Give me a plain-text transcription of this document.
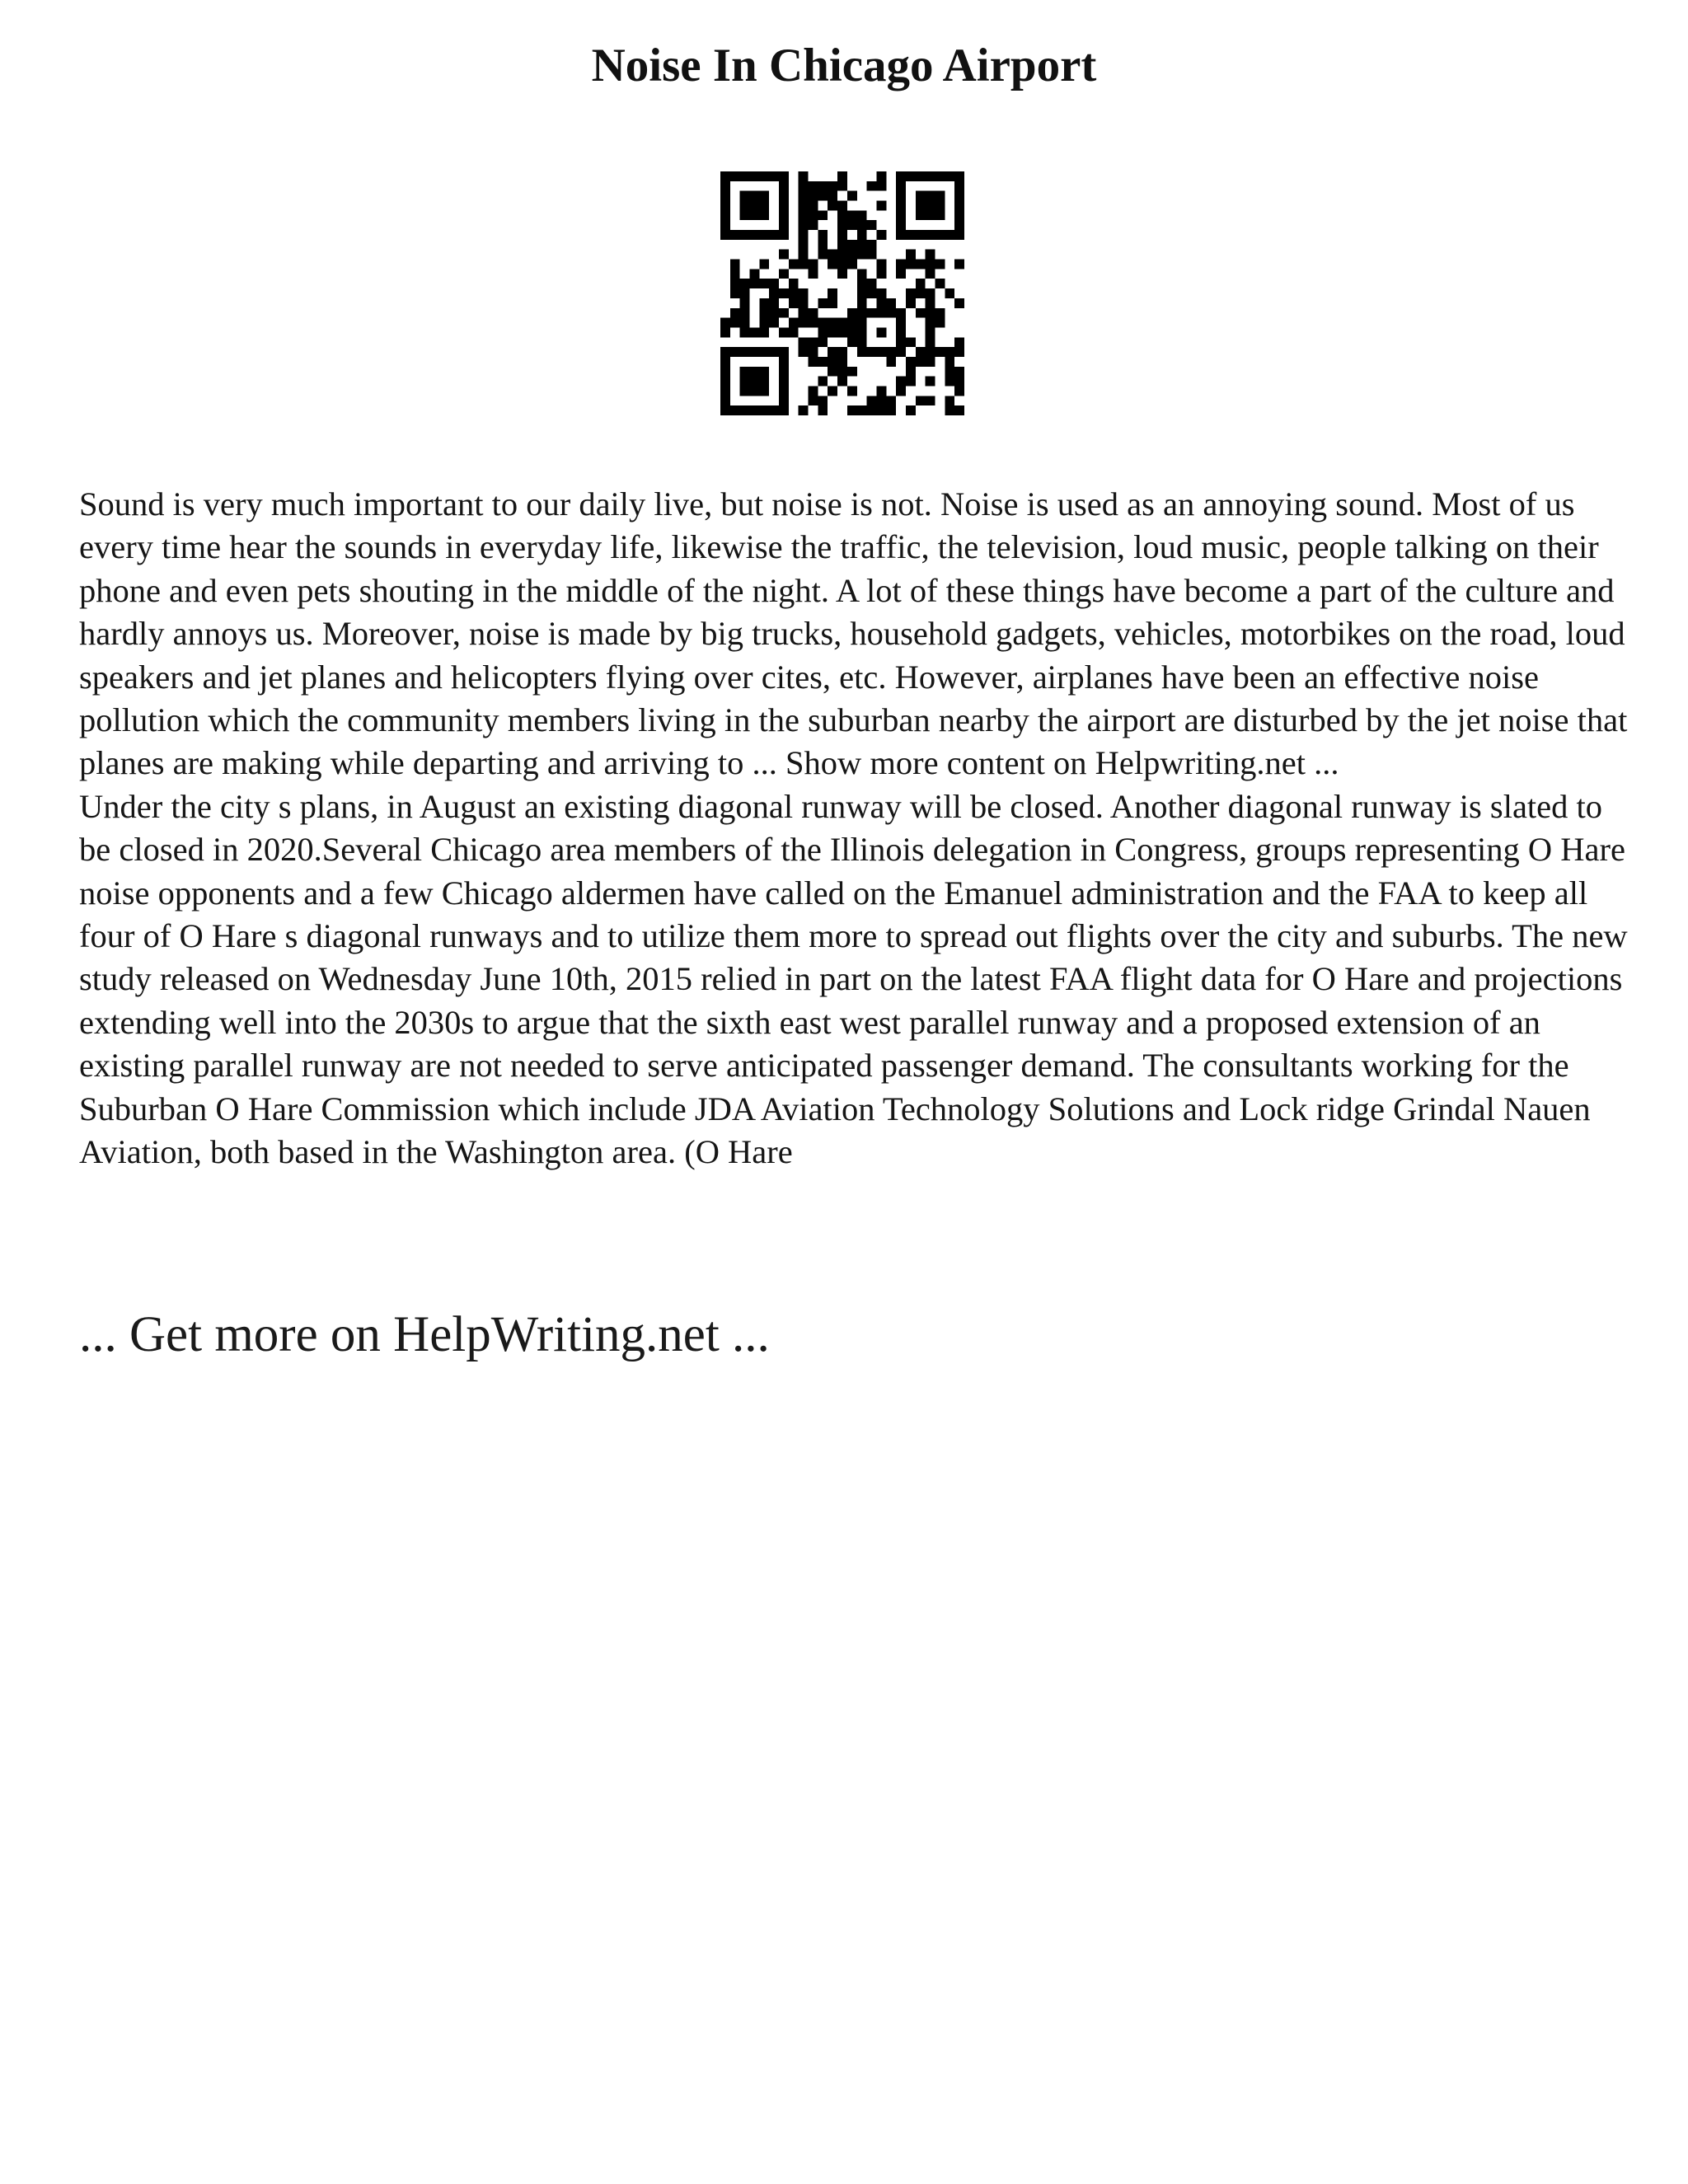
Noise In Chicago Airport

Sound is very much important to our daily live, but noise is not. Noise is used as an annoying sound. Most of us every time hear the sounds in everyday life, likewise the traffic, the television, loud music, people talking on their phone and even pets shouting in the middle of the night. A lot of these things have become a part of the culture and hardly annoys us. Moreover, noise is made by big trucks, household gadgets, vehicles, motorbikes on the road, loud speakers and jet planes and helicopters flying over cites, etc. However, airplanes have been an effective noise pollution which the community members living in the suburban nearby the airport are disturbed by the jet noise that planes are making while departing and arriving to ... Show more content on Helpwriting.net ...

Under the city s plans, in August an existing diagonal runway will be closed. Another diagonal runway is slated to be closed in 2020.Several Chicago area members of the Illinois delegation in Congress, groups representing O Hare noise opponents and a few Chicago aldermen have called on the Emanuel administration and the FAA to keep all four of O Hare s diagonal runways and to utilize them more to spread out flights over the city and suburbs. The new study released on Wednesday June 10th, 2015 relied in part on the latest FAA flight data for O Hare and projections extending well into the 2030s to argue that the sixth east west parallel runway and a proposed extension of an existing parallel runway are not needed to serve anticipated passenger demand. The consultants working for the Suburban O Hare Commission which include JDA Aviation Technology Solutions and Lock ridge Grindal Nauen Aviation, both based in the Washington area. (O Hare

... Get more on HelpWriting.net ...
